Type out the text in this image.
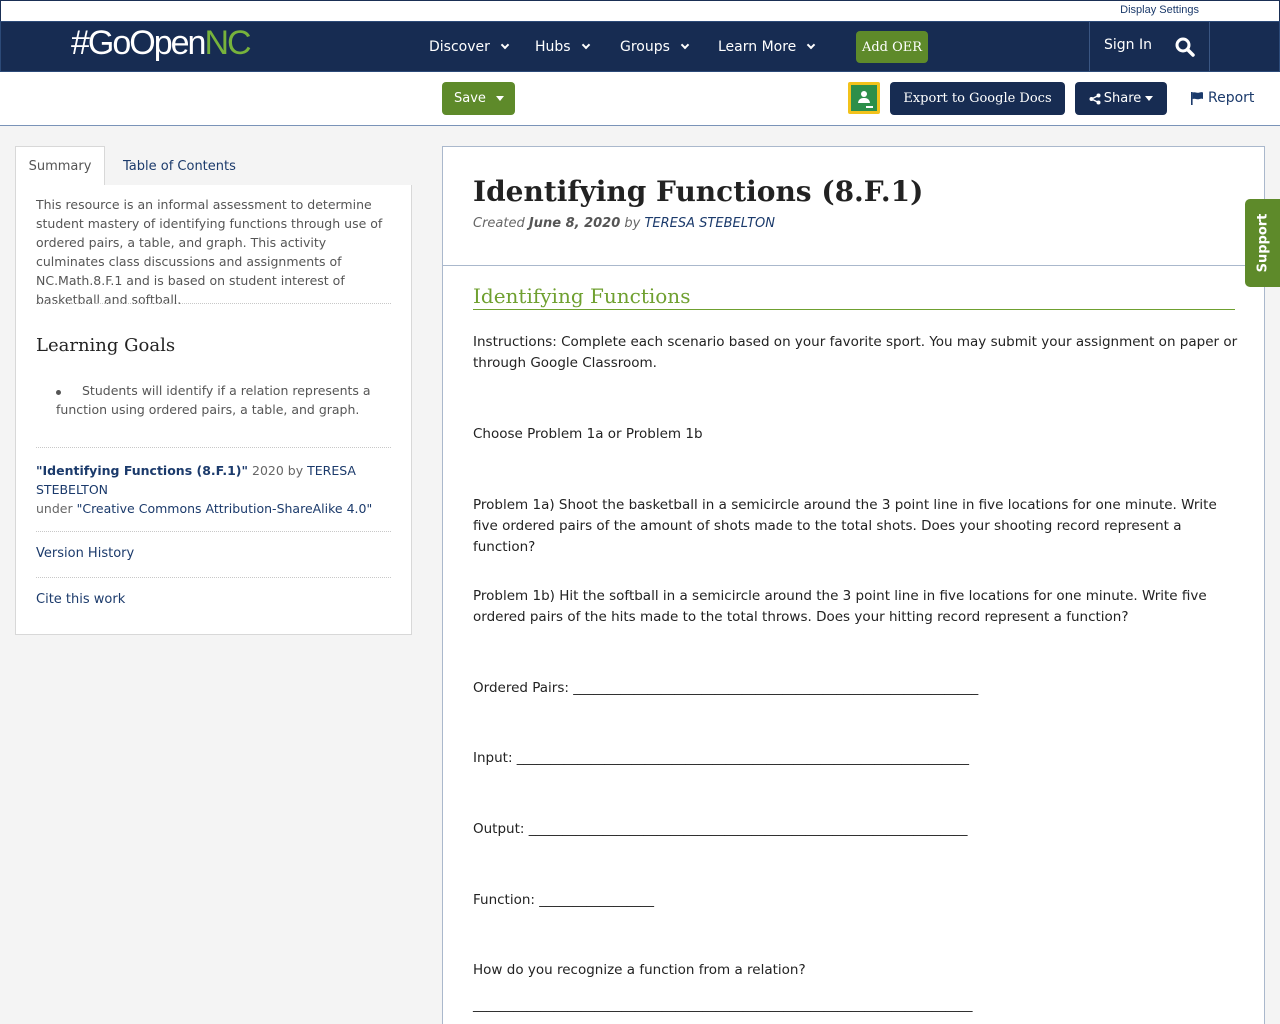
Display Settings
#GoOpenNC	Discover	Hubs	Groups	Learn More	Add OER	Sign In
Save	Export to Google Docs	Share	Report
Summary	Table of Contents
This resource is an informal assessment to determine student mastery of identifying functions through use of ordered pairs, a table, and graph. This activity culminates class discussions and assignments of NC.Math.8.F.1 and is based on student interest of basketball and softball.
Learning Goals
Students will identify if a relation represents a function using ordered pairs, a table, and graph.
"Identifying Functions (8.F.1)" 2020 by TERESA STEBELTON
under "Creative Commons Attribution-ShareAlike 4.0"
Version History
Cite this work
Identifying Functions (8.F.1)
Created June 8, 2020 by TERESA STEBELTON
Identifying Functions
Instructions: Complete each scenario based on your favorite sport. You may submit your assignment on paper or through Google Classroom.
Choose Problem 1a or Problem 1b
Problem 1a) Shoot the basketball in a semicircle around the 3 point line in five locations for one minute. Write five ordered pairs of the amount of shots made to the total shots. Does your shooting record represent a function?
Problem 1b) Hit the softball in a semicircle around the 3 point line in five locations for one minute. Write five ordered pairs of the hits made to the total throws. Does your hitting record represent a function?
Ordered Pairs: ____________________________________________________________
Input: ___________________________________________________________________
Output: _________________________________________________________________
Function: _________________
How do you recognize a function from a relation?
__________________________________________________________________________
Support
